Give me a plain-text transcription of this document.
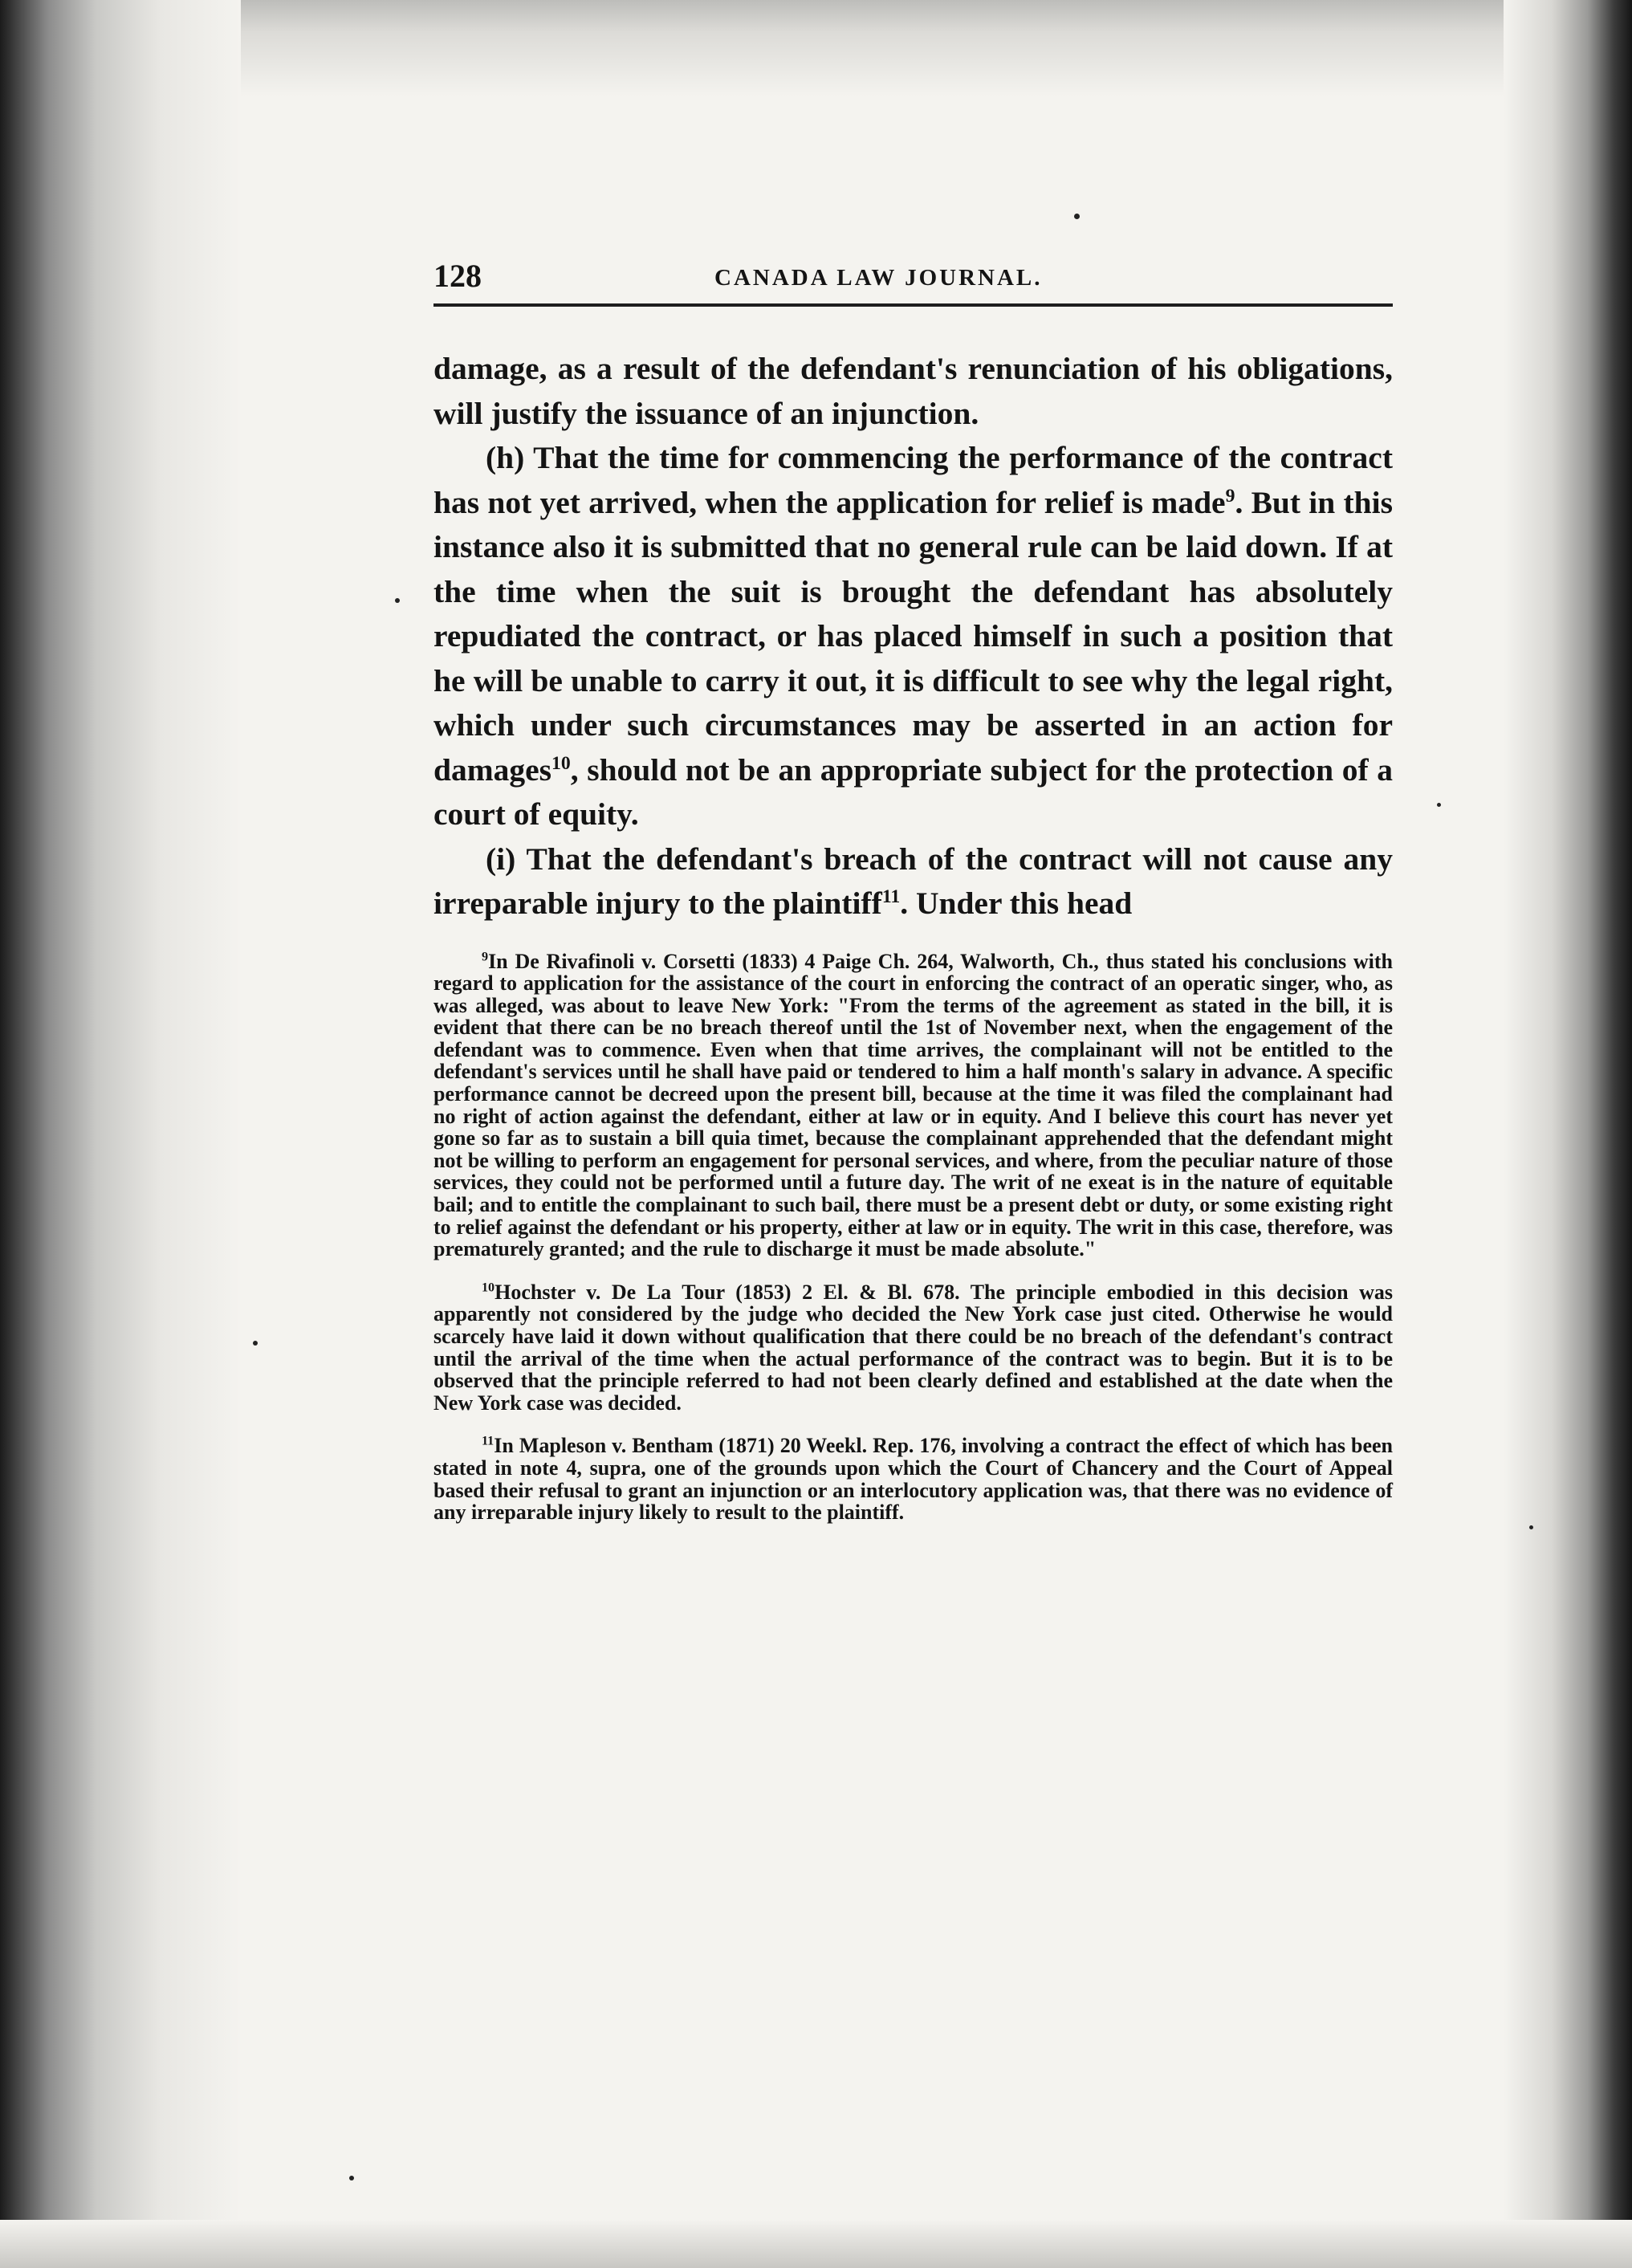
128	CANADA LAW JOURNAL.

damage, as a result of the defendant's renunciation of his obligations, will justify the issuance of an injunction.

(h) That the time for commencing the performance of the contract has not yet arrived, when the application for relief is made$^9$. But in this instance also it is submitted that no general rule can be laid down. If at the time when the suit is brought the defendant has absolutely repudiated the contract, or has placed himself in such a position that he will be unable to carry it out, it is difficult to see why the legal right, which under such circumstances may be asserted in an action for damages$^{10}$, should not be an appropriate subject for the protection of a court of equity.

(i) That the defendant's breach of the contract will not cause any irreparable injury to the plaintiff$^{11}$. Under this head

$^9$In De Rivafinoli v. Corsetti (1833) 4 Paige Ch. 264, Walworth, Ch., thus stated his conclusions with regard to application for the assistance of the court in enforcing the contract of an operatic singer, who, as was alleged, was about to leave New York: "From the terms of the agreement as stated in the bill, it is evident that there can be no breach thereof until the 1st of November next, when the engagement of the defendant was to commence. Even when that time arrives, the complainant will not be entitled to the defendant's services until he shall have paid or tendered to him a half month's salary in advance. A specific performance cannot be decreed upon the present bill, because at the time it was filed the complainant had no right of action against the defendant, either at law or in equity. And I believe this court has never yet gone so far as to sustain a bill quia timet, because the complainant apprehended that the defendant might not be willing to perform an engagement for personal services, and where, from the peculiar nature of those services, they could not be performed until a future day. The writ of ne exeat is in the nature of equitable bail; and to entitle the complainant to such bail, there must be a present debt or duty, or some existing right to relief against the defendant or his property, either at law or in equity. The writ in this case, therefore, was prematurely granted; and the rule to discharge it must be made absolute."

$^{10}$Hochster v. De La Tour (1853) 2 El. & Bl. 678. The principle embodied in this decision was apparently not considered by the judge who decided the New York case just cited. Otherwise he would scarcely have laid it down without qualification that there could be no breach of the defendant's contract until the arrival of the time when the actual performance of the contract was to begin. But it is to be observed that the principle referred to had not been clearly defined and established at the date when the New York case was decided.

$^{11}$In Mapleson v. Bentham (1871) 20 Weekl. Rep. 176, involving a contract the effect of which has been stated in note 4, supra, one of the grounds upon which the Court of Chancery and the Court of Appeal based their refusal to grant an injunction or an interlocutory application was, that there was no evidence of any irreparable injury likely to result to the plaintiff.
